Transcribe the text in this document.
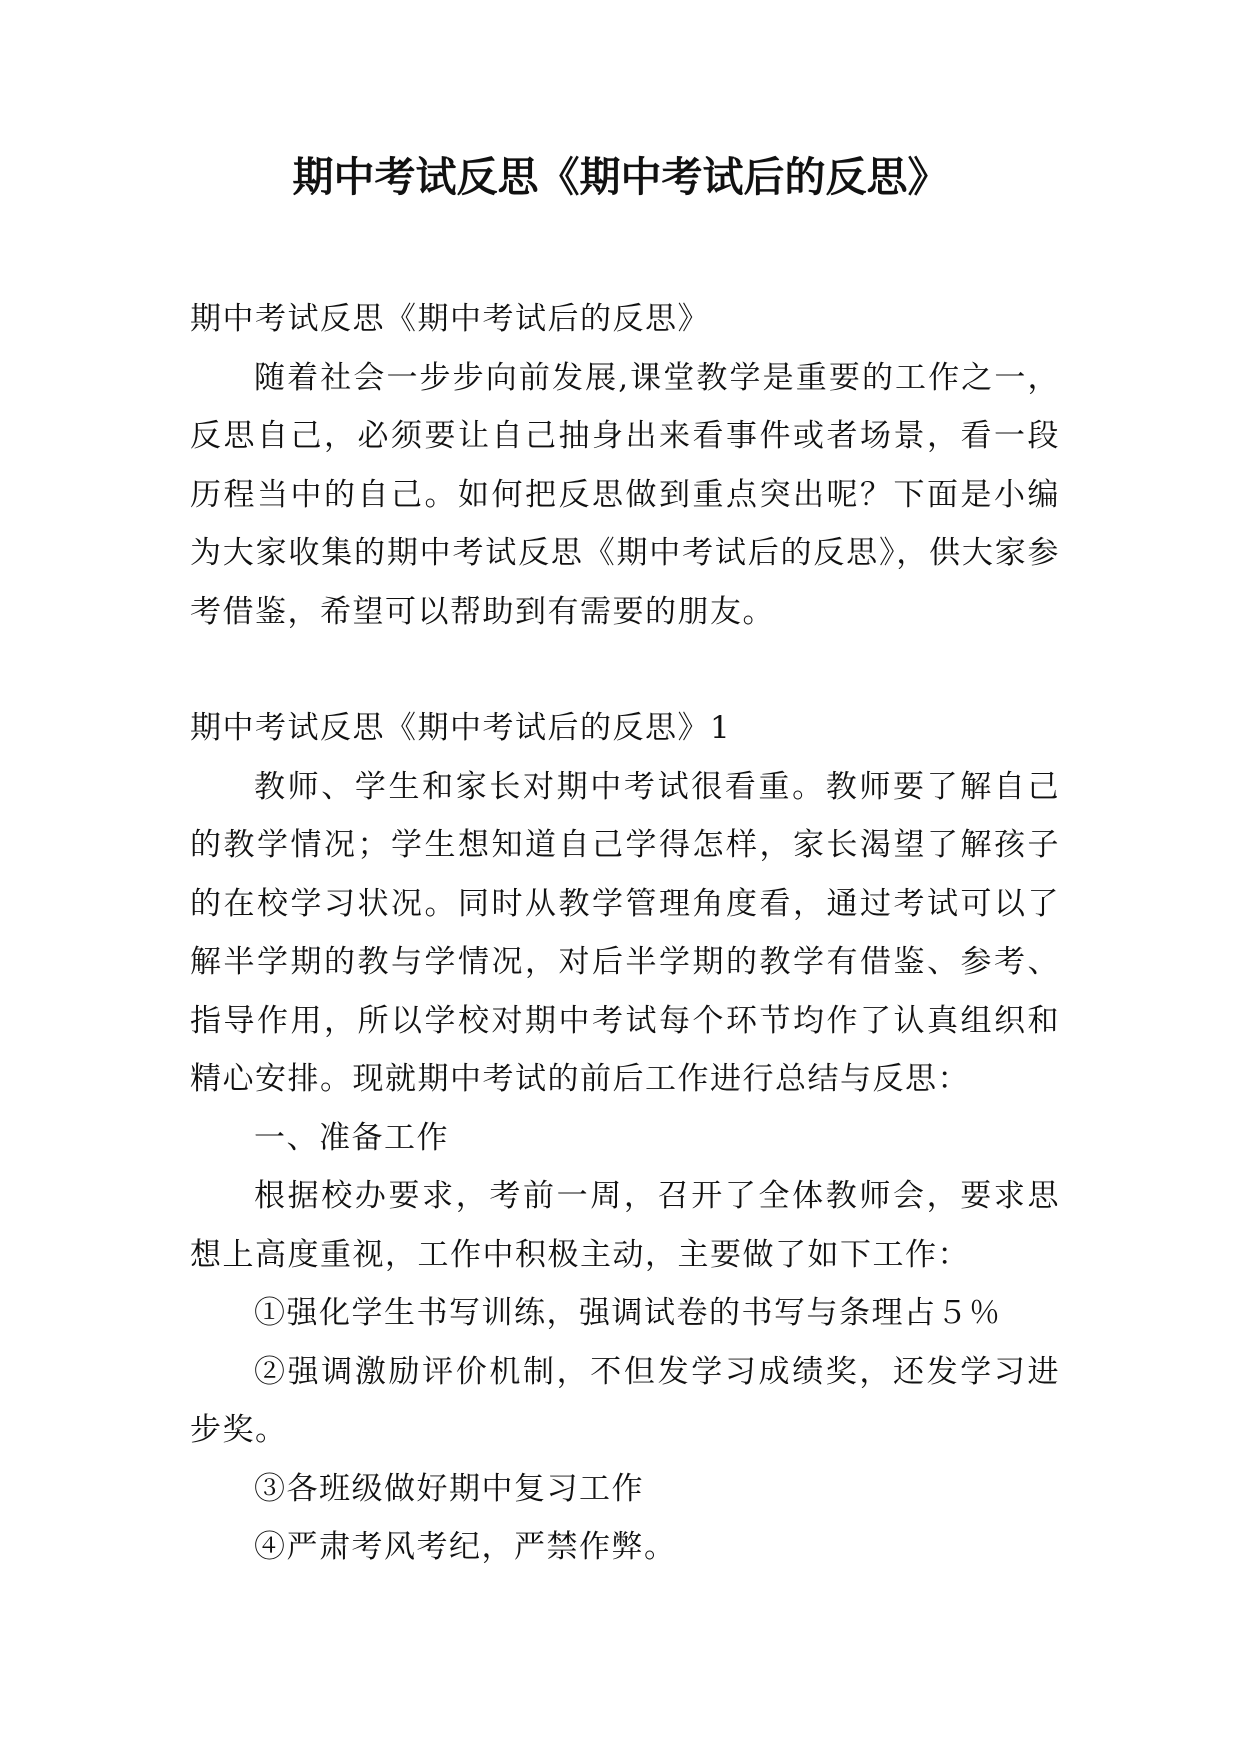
期中考试反思《期中考试后的反思》

期中考试反思《期中考试后的反思》

随着社会一步步向前发展,课堂教学是重要的工作之一，反思自己，必须要让自己抽身出来看事件或者场景，看一段历程当中的自己。如何把反思做到重点突出呢？下面是小编为大家收集的期中考试反思《期中考试后的反思》，供大家参考借鉴，希望可以帮助到有需要的朋友。

期中考试反思《期中考试后的反思》1

教师、学生和家长对期中考试很看重。教师要了解自己的教学情况；学生想知道自己学得怎样，家长渴望了解孩子的在校学习状况。同时从教学管理角度看，通过考试可以了解半学期的教与学情况，对后半学期的教学有借鉴、参考、指导作用，所以学校对期中考试每个环节均作了认真组织和精心安排。现就期中考试的前后工作进行总结与反思：

一、准备工作

根据校办要求，考前一周，召开了全体教师会，要求思想上高度重视，工作中积极主动，主要做了如下工作：

①强化学生书写训练，强调试卷的书写与条理占５％

②强调激励评价机制，不但发学习成绩奖，还发学习进步奖。

③各班级做好期中复习工作

④严肃考风考纪，严禁作弊。
